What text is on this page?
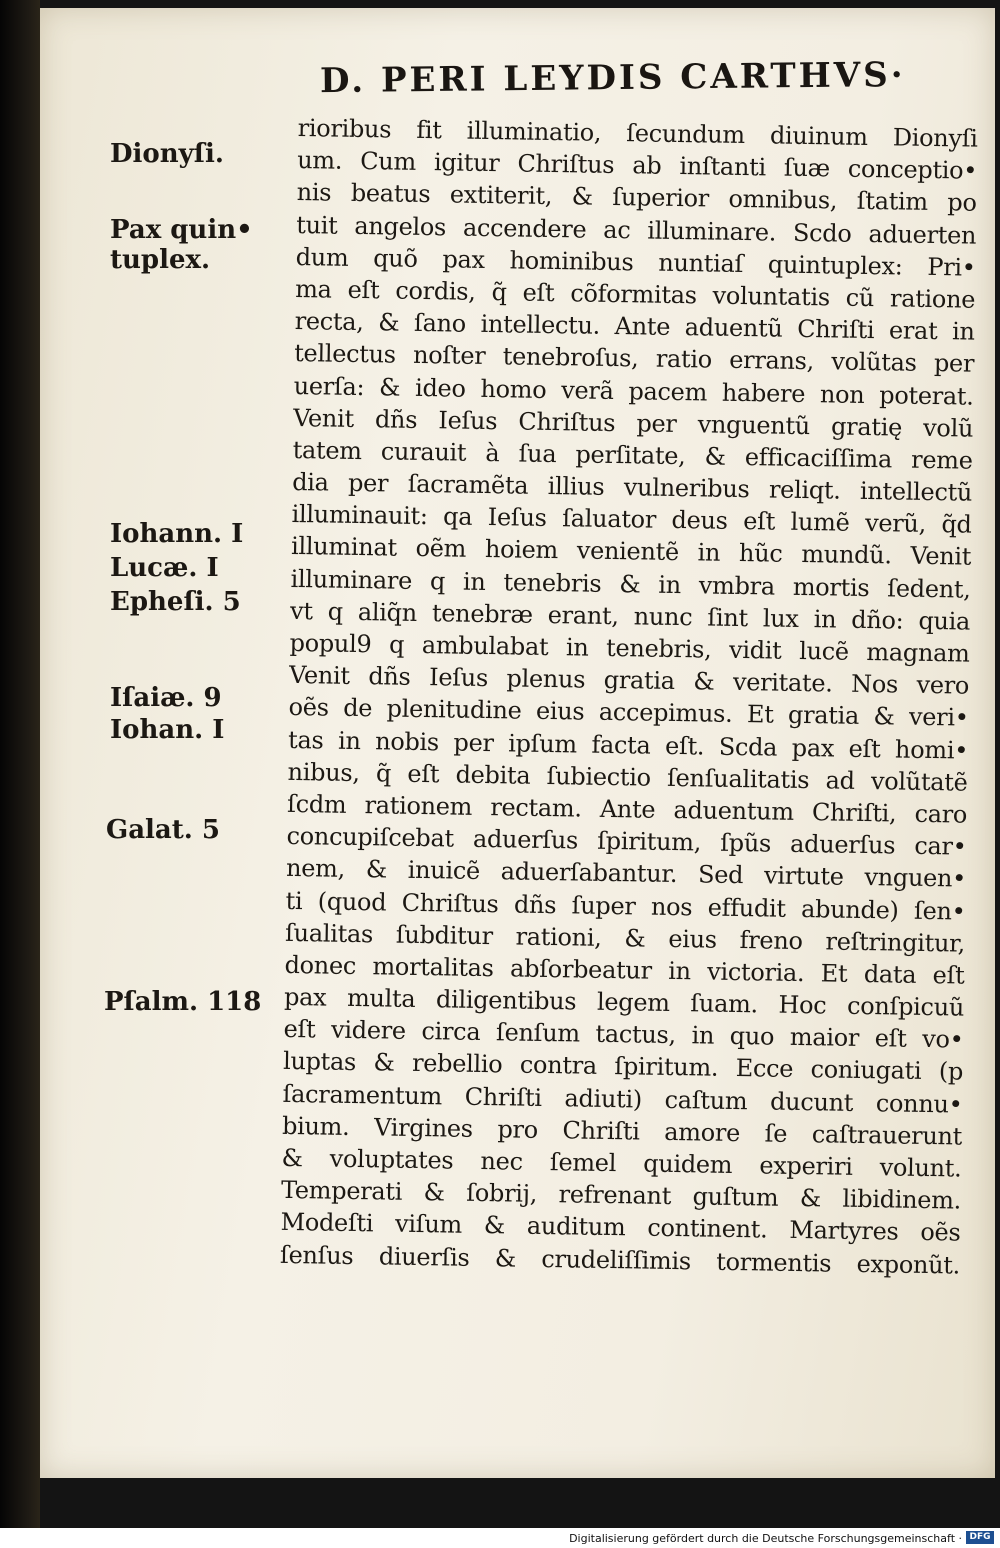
D. PERI LEYDIS CARTHVS·
Dionyſi.
Pax quin•
tuplex.
Iohann. I
Lucæ. I
Epheſi. 5
Iſaiæ. 9
Iohan. I
Galat. 5
Pſalm. 118
rioribus fit illuminatio, ſecundum diuinum Dionyſi
um. Cum igitur Chriſtus ab inſtanti ſuæ conceptio•
nis beatus extiterit, & ſuperior omnibus, ſtatim po
tuit angelos accendere ac illuminare. Scdo aduerten
dum quõ pax hominibus nuntiaſ quintuplex: Pri•
ma eſt cordis, q̃ eſt cõformitas voluntatis cũ ratione
recta, & ſano intellectu. Ante aduentũ Chriſti erat in
tellectus noſter tenebroſus, ratio errans, volũtas per
uerſa: & ideo homo verã pacem habere non poterat.
Venit dñs Ieſus Chriſtus per vnguentũ gratię volũ
tatem curauit à ſua perſitate, & efficaciſſima reme
dia per ſacramẽta illius vulneribus reliqt. intellectũ
illuminauit: qa Ieſus ſaluator deus eſt lumẽ verũ, q̃d
illuminat oẽm hoiem venientẽ in hũc mundũ. Venit
illuminare q in tenebris & in vmbra mortis ſedent,
vt q aliq̃n tenebræ erant, nunc ſint lux in dño: quia
popul9 q ambulabat in tenebris, vidit lucẽ magnam
Venit dñs Ieſus plenus gratia & veritate. Nos vero
oẽs de plenitudine eius accepimus. Et gratia & veri•
tas in nobis per ipſum facta eſt. Scda pax eſt homi•
nibus, q̃ eſt debita ſubiectio ſenſualitatis ad volũtatẽ
ſcdm rationem rectam. Ante aduentum Chriſti, caro
concupiſcebat aduerſus ſpiritum, ſpũs aduerſus car•
nem, & inuicẽ aduerſabantur. Sed virtute vnguen•
ti (quod Chriſtus dñs ſuper nos effudit abunde) ſen•
ſualitas ſubditur rationi, & eius freno reſtringitur,
donec mortalitas abſorbeatur in victoria. Et data eſt
pax multa diligentibus legem ſuam. Hoc conſpicuũ
eſt videre circa ſenſum tactus, in quo maior eſt vo•
luptas & rebellio contra ſpiritum. Ecce coniugati (p
ſacramentum Chriſti adiuti) caſtum ducunt connu•
bium. Virgines pro Chriſti amore ſe caſtrauerunt
& voluptates nec ſemel quidem experiri volunt.
Temperati & ſobrij, refrenant guſtum & libidinem.
Modeſti viſum & auditum continent. Martyres oẽs
ſenſus diuerſis & crudeliſſimis tormentis exponũt.
Digitalisierung gefördert durch die Deutsche Forschungsgemeinschaft · DFG
